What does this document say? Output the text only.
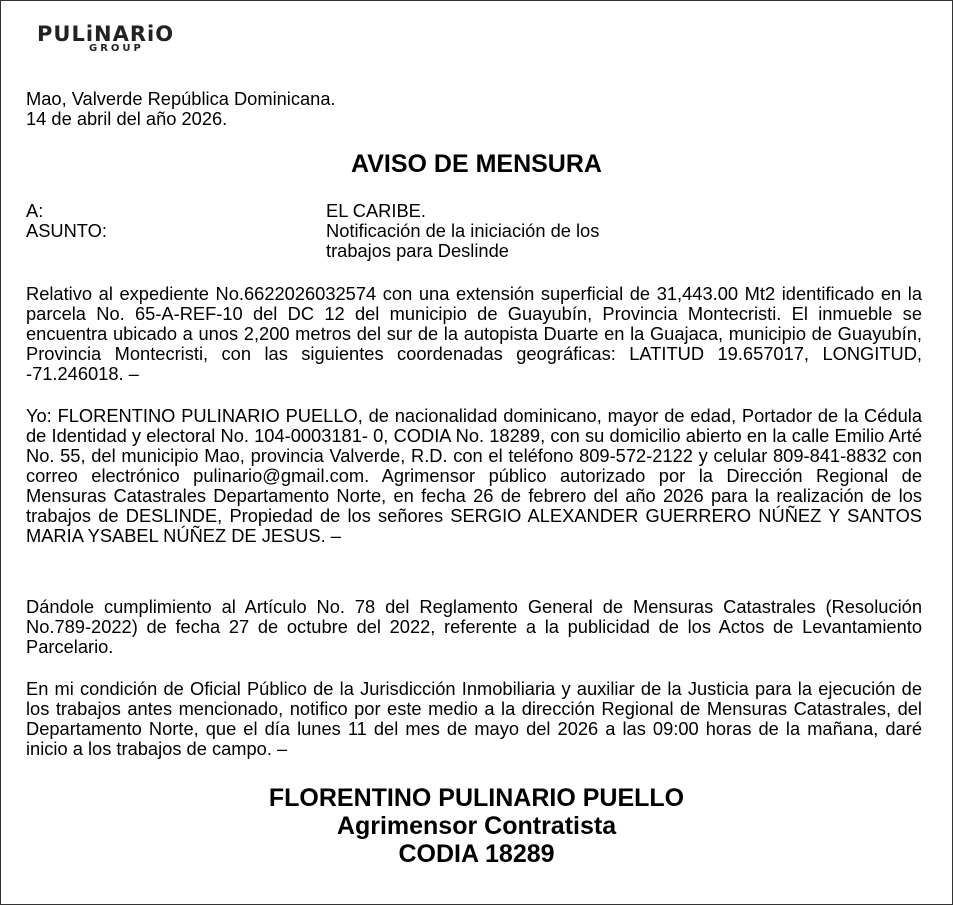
PULiNARiO
GROUP
Mao, Valverde República Dominicana.
14 de abril del año 2026.
AVISO DE MENSURA
A:	EL CARIBE.
ASUNTO:	Notificación de la iniciación de los trabajos para Deslinde
Relativo al expediente No.6622026032574 con una extensión superficial de 31,443.00 Mt2 identificado en la parcela No. 65-A-REF-10 del DC 12 del municipio de Guayubín, Provincia Montecristi. El inmueble se encuentra ubicado a unos 2,200 metros del sur de la autopista Duarte en la Guajaca, municipio de Guayubín, Provincia Montecristi, con las siguientes coordenadas geográficas: LATITUD 19.657017, LONGITUD, -71.246018. –
Yo: FLORENTINO PULINARIO PUELLO, de nacionalidad dominicano, mayor de edad, Portador de la Cédula de Identidad y electoral No. 104-0003181- 0, CODIA No. 18289, con su domicilio abierto en la calle Emilio Arté No. 55, del municipio Mao, provincia Valverde, R.D. con el teléfono 809-572-2122 y celular 809-841-8832 con correo electrónico pulinario@gmail.com. Agrimensor público autorizado por la Dirección Regional de Mensuras Catastrales Departamento Norte, en fecha 26 de febrero del año 2026 para la realización de los trabajos de DESLINDE, Propiedad de los señores SERGIO ALEXANDER GUERRERO NÚÑEZ Y SANTOS MARIA YSABEL NÚÑEZ DE JESUS. –
Dándole cumplimiento al Artículo No. 78 del Reglamento General de Mensuras Catastrales (Resolución No.789-2022) de fecha 27 de octubre del 2022, referente a la publicidad de los Actos de Levantamiento Parcelario.
En mi condición de Oficial Público de la Jurisdicción Inmobiliaria y auxiliar de la Justicia para la ejecución de los trabajos antes mencionado, notifico por este medio a la dirección Regional de Mensuras Catastrales, del Departamento Norte, que el día lunes 11 del mes de mayo del 2026 a las 09:00 horas de la mañana, daré inicio a los trabajos de campo. –
FLORENTINO PULINARIO PUELLO
Agrimensor Contratista
CODIA 18289
